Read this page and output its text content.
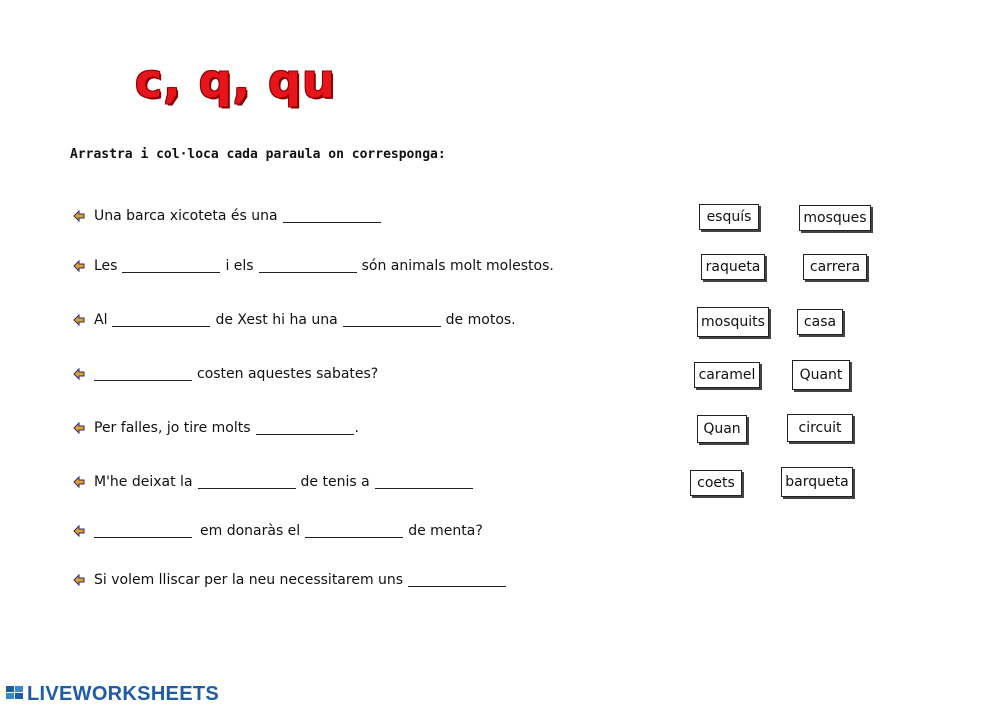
c, q, qu
Arrastra i col·loca cada paraula on corresponga:
Una barca xicoteta és una
Les	i els	són animals molt molestos.
Al	de Xest hi ha una	de motos.
costen aquestes sabates?
Per falles, jo tire molts	.
M'he deixat la	de tenis a
em donaràs el	de menta?
Si volem lliscar per la neu necessitarem uns
esquís	mosques
raqueta	carrera
mosquits	casa
caramel	Quant
Quan	circuit
coets	barqueta
LIVEWORKSHEETS
